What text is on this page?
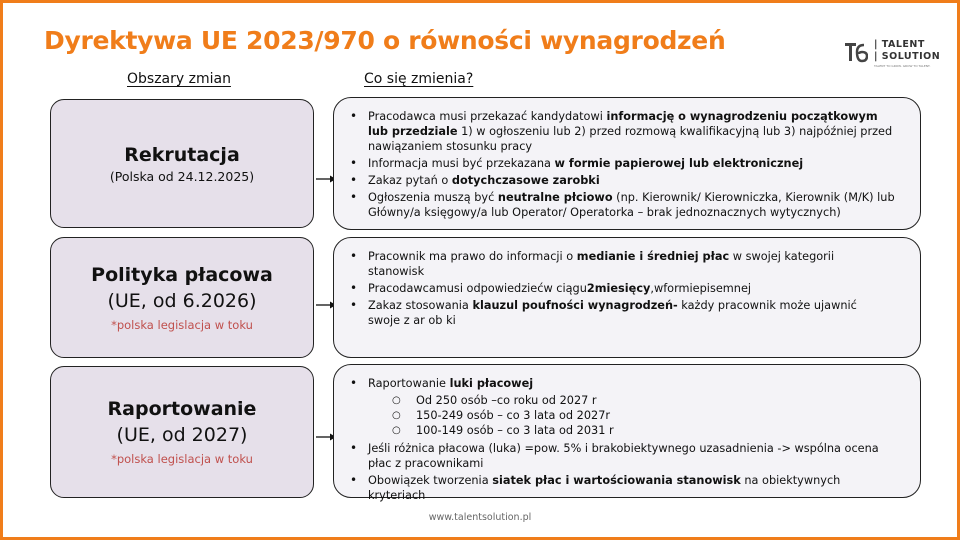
Dyrektywa UE 2023/970 o równości wynagrodzeń	| TALENT
| SOLUTION
TALENT TO GROW. GROW TO TALENT.
Obszary zmian	Co się zmienia?
Rekrutacja
(Polska od 24.12.2025)
Polityka płacowa
(UE, od 6.2026)
*polska legislacja w toku
Raportowanie
(UE, od 2027)
*polska legislacja w toku
• Pracodawca musi przekazać kandydatowi informację o wynagrodzeniu początkowym lub przedziale 1) w ogłoszeniu lub 2) przed rozmową kwalifikacyjną lub 3) najpóźniej przed nawiązaniem stosunku pracy
• Informacja musi być przekazana w formie papierowej lub elektronicznej
• Zakaz pytań o dotychczasowe zarobki
• Ogłoszenia muszą być neutralne płciowo (np. Kierownik/ Kierowniczka, Kierownik (M/K) lub Główny/a księgowy/a lub Operator/ Operatorka – brak jednoznacznych wytycznych)
• Pracownik ma prawo do informacji o medianie i średniej płac w swojej kategorii stanowisk
• Pracodawcamusi odpowiedziećw ciągu2miesięcy,wformiepisemnej
• Zakaz stosowania klauzul poufności wynagrodzeń- każdy pracownik może ujawnić swoje z ar ob ki
• Raportowanie luki płacowej
○ Od 250 osób –co roku od 2027 r
○ 150-249 osób – co 3 lata od 2027r
○ 100-149 osób – co 3 lata od 2031 r
• Jeśli różnica płacowa (luka) =pow. 5% i brakobiektywnego uzasadnienia -> wspólna ocena płac z pracownikami
• Obowiązek tworzenia siatek płac i wartościowania stanowisk na obiektywnych kryteriach
www.talentsolution.pl
